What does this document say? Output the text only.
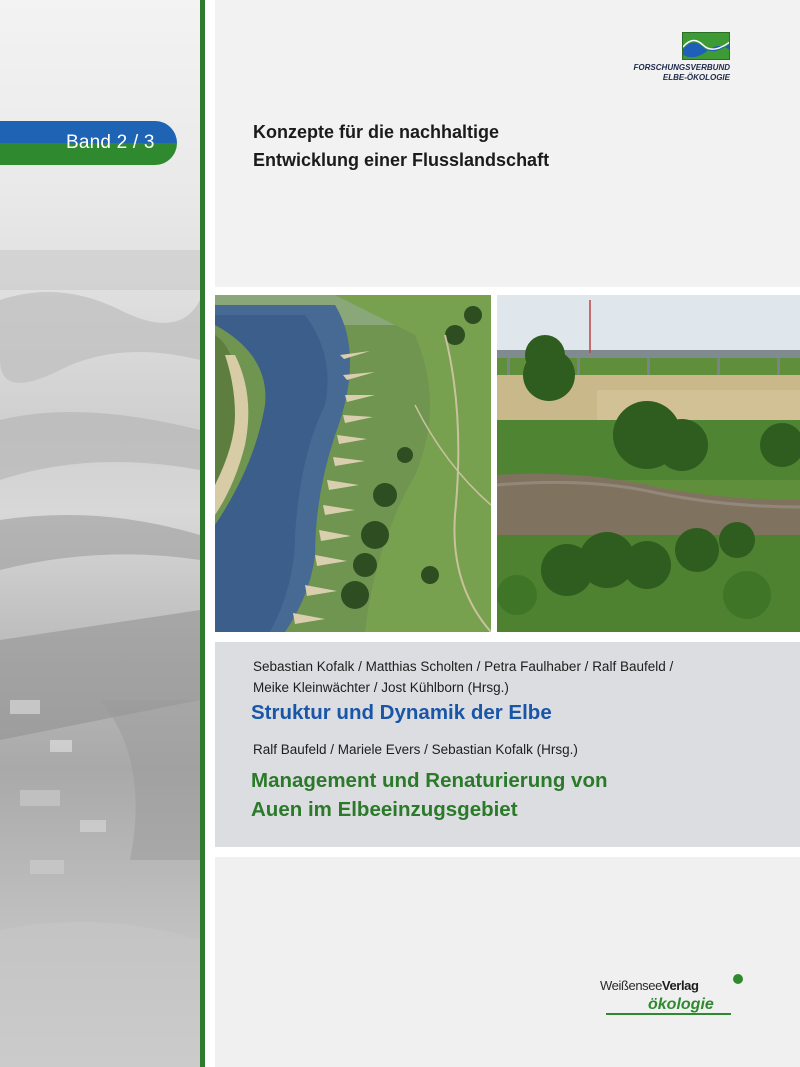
Band 2 / 3	Konzepte für die nachhaltige
Entwicklung einer Flusslandschaft
FORSCHUNGSVERBUND
ELBE-ÖKOLOGIE
Sebastian Kofalk / Matthias Scholten / Petra Faulhaber / Ralf Baufeld /
Meike Kleinwächter / Jost Kühlborn (Hrsg.)
Struktur und Dynamik der Elbe
Ralf Baufeld / Mariele Evers / Sebastian Kofalk (Hrsg.)
Management und Renaturierung von
Auen im Elbeeinzugsgebiet
WeißenseeVerlag
ökologie
